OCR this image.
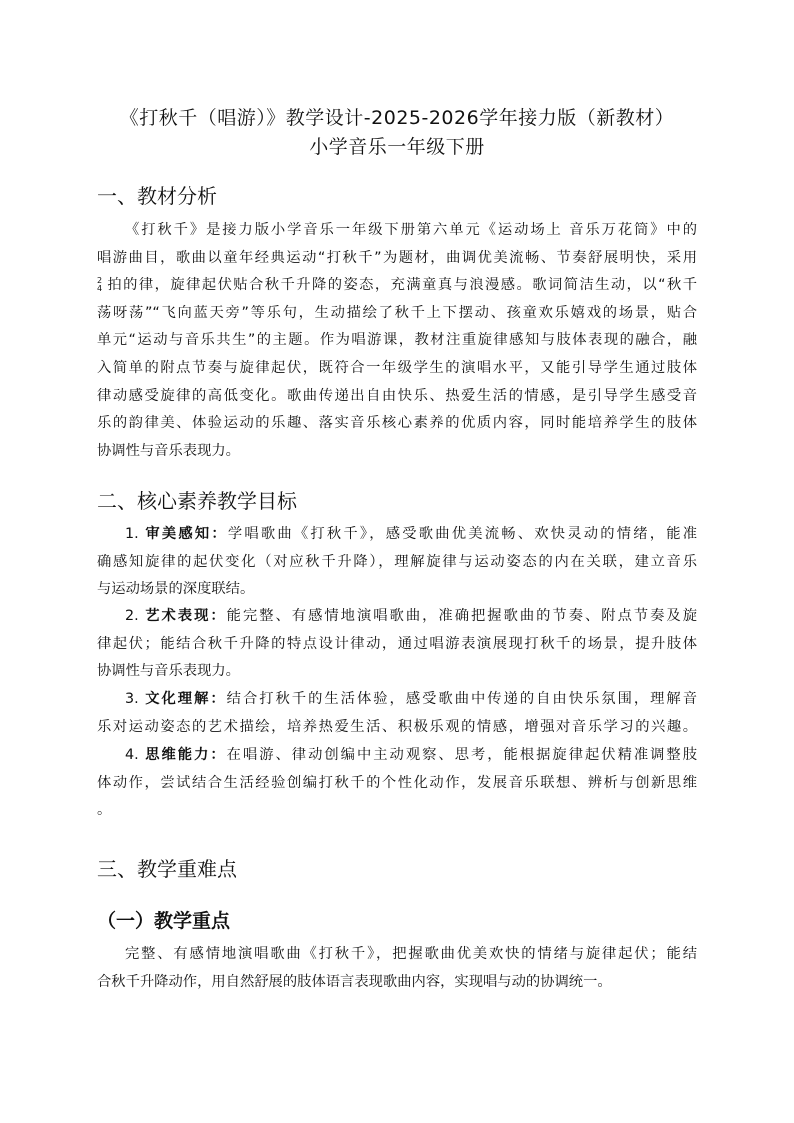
《打秋千（唱游）》教学设计-2025-2026学年接力版（新教材）
小学音乐一年级下册
一、教材分析
《打秋千》是接力版小学音乐一年级下册第六单元《运动场上 音乐万花筒》中的
唱游曲目，歌曲以童年经典运动“打秋千”为题材，曲调优美流畅、节奏舒展明快，采用
2
4 拍的律，旋律起伏贴合秋千升降的姿态，充满童真与浪漫感。歌词简洁生动，以“秋千
荡呀荡”“飞向蓝天旁”等乐句，生动描绘了秋千上下摆动、孩童欢乐嬉戏的场景，贴合
单元“运动与音乐共生”的主题。作为唱游课，教材注重旋律感知与肢体表现的融合，融
入简单的附点节奏与旋律起伏，既符合一年级学生的演唱水平，又能引导学生通过肢体
律动感受旋律的高低变化。歌曲传递出自由快乐、热爱生活的情感，是引导学生感受音
乐的韵律美、体验运动的乐趣、落实音乐核心素养的优质内容，同时能培养学生的肢体
协调性与音乐表现力。
二、核心素养教学目标
1. 审美感知：学唱歌曲《打秋千》，感受歌曲优美流畅、欢快灵动的情绪，能准
确感知旋律的起伏变化（对应秋千升降），理解旋律与运动姿态的内在关联，建立音乐
与运动场景的深度联结。
2. 艺术表现：能完整、有感情地演唱歌曲，准确把握歌曲的节奏、附点节奏及旋
律起伏；能结合秋千升降的特点设计律动，通过唱游表演展现打秋千的场景，提升肢体
协调性与音乐表现力。
3. 文化理解：结合打秋千的生活体验，感受歌曲中传递的自由快乐氛围，理解音
乐对运动姿态的艺术描绘，培养热爱生活、积极乐观的情感，增强对音乐学习的兴趣。
4. 思维能力：在唱游、律动创编中主动观察、思考，能根据旋律起伏精准调整肢
体动作，尝试结合生活经验创编打秋千的个性化动作，发展音乐联想、辨析与创新思维
。
三、教学重难点
（一）教学重点
完整、有感情地演唱歌曲《打秋千》，把握歌曲优美欢快的情绪与旋律起伏；能结
合秋千升降动作，用自然舒展的肢体语言表现歌曲内容，实现唱与动的协调统一。
